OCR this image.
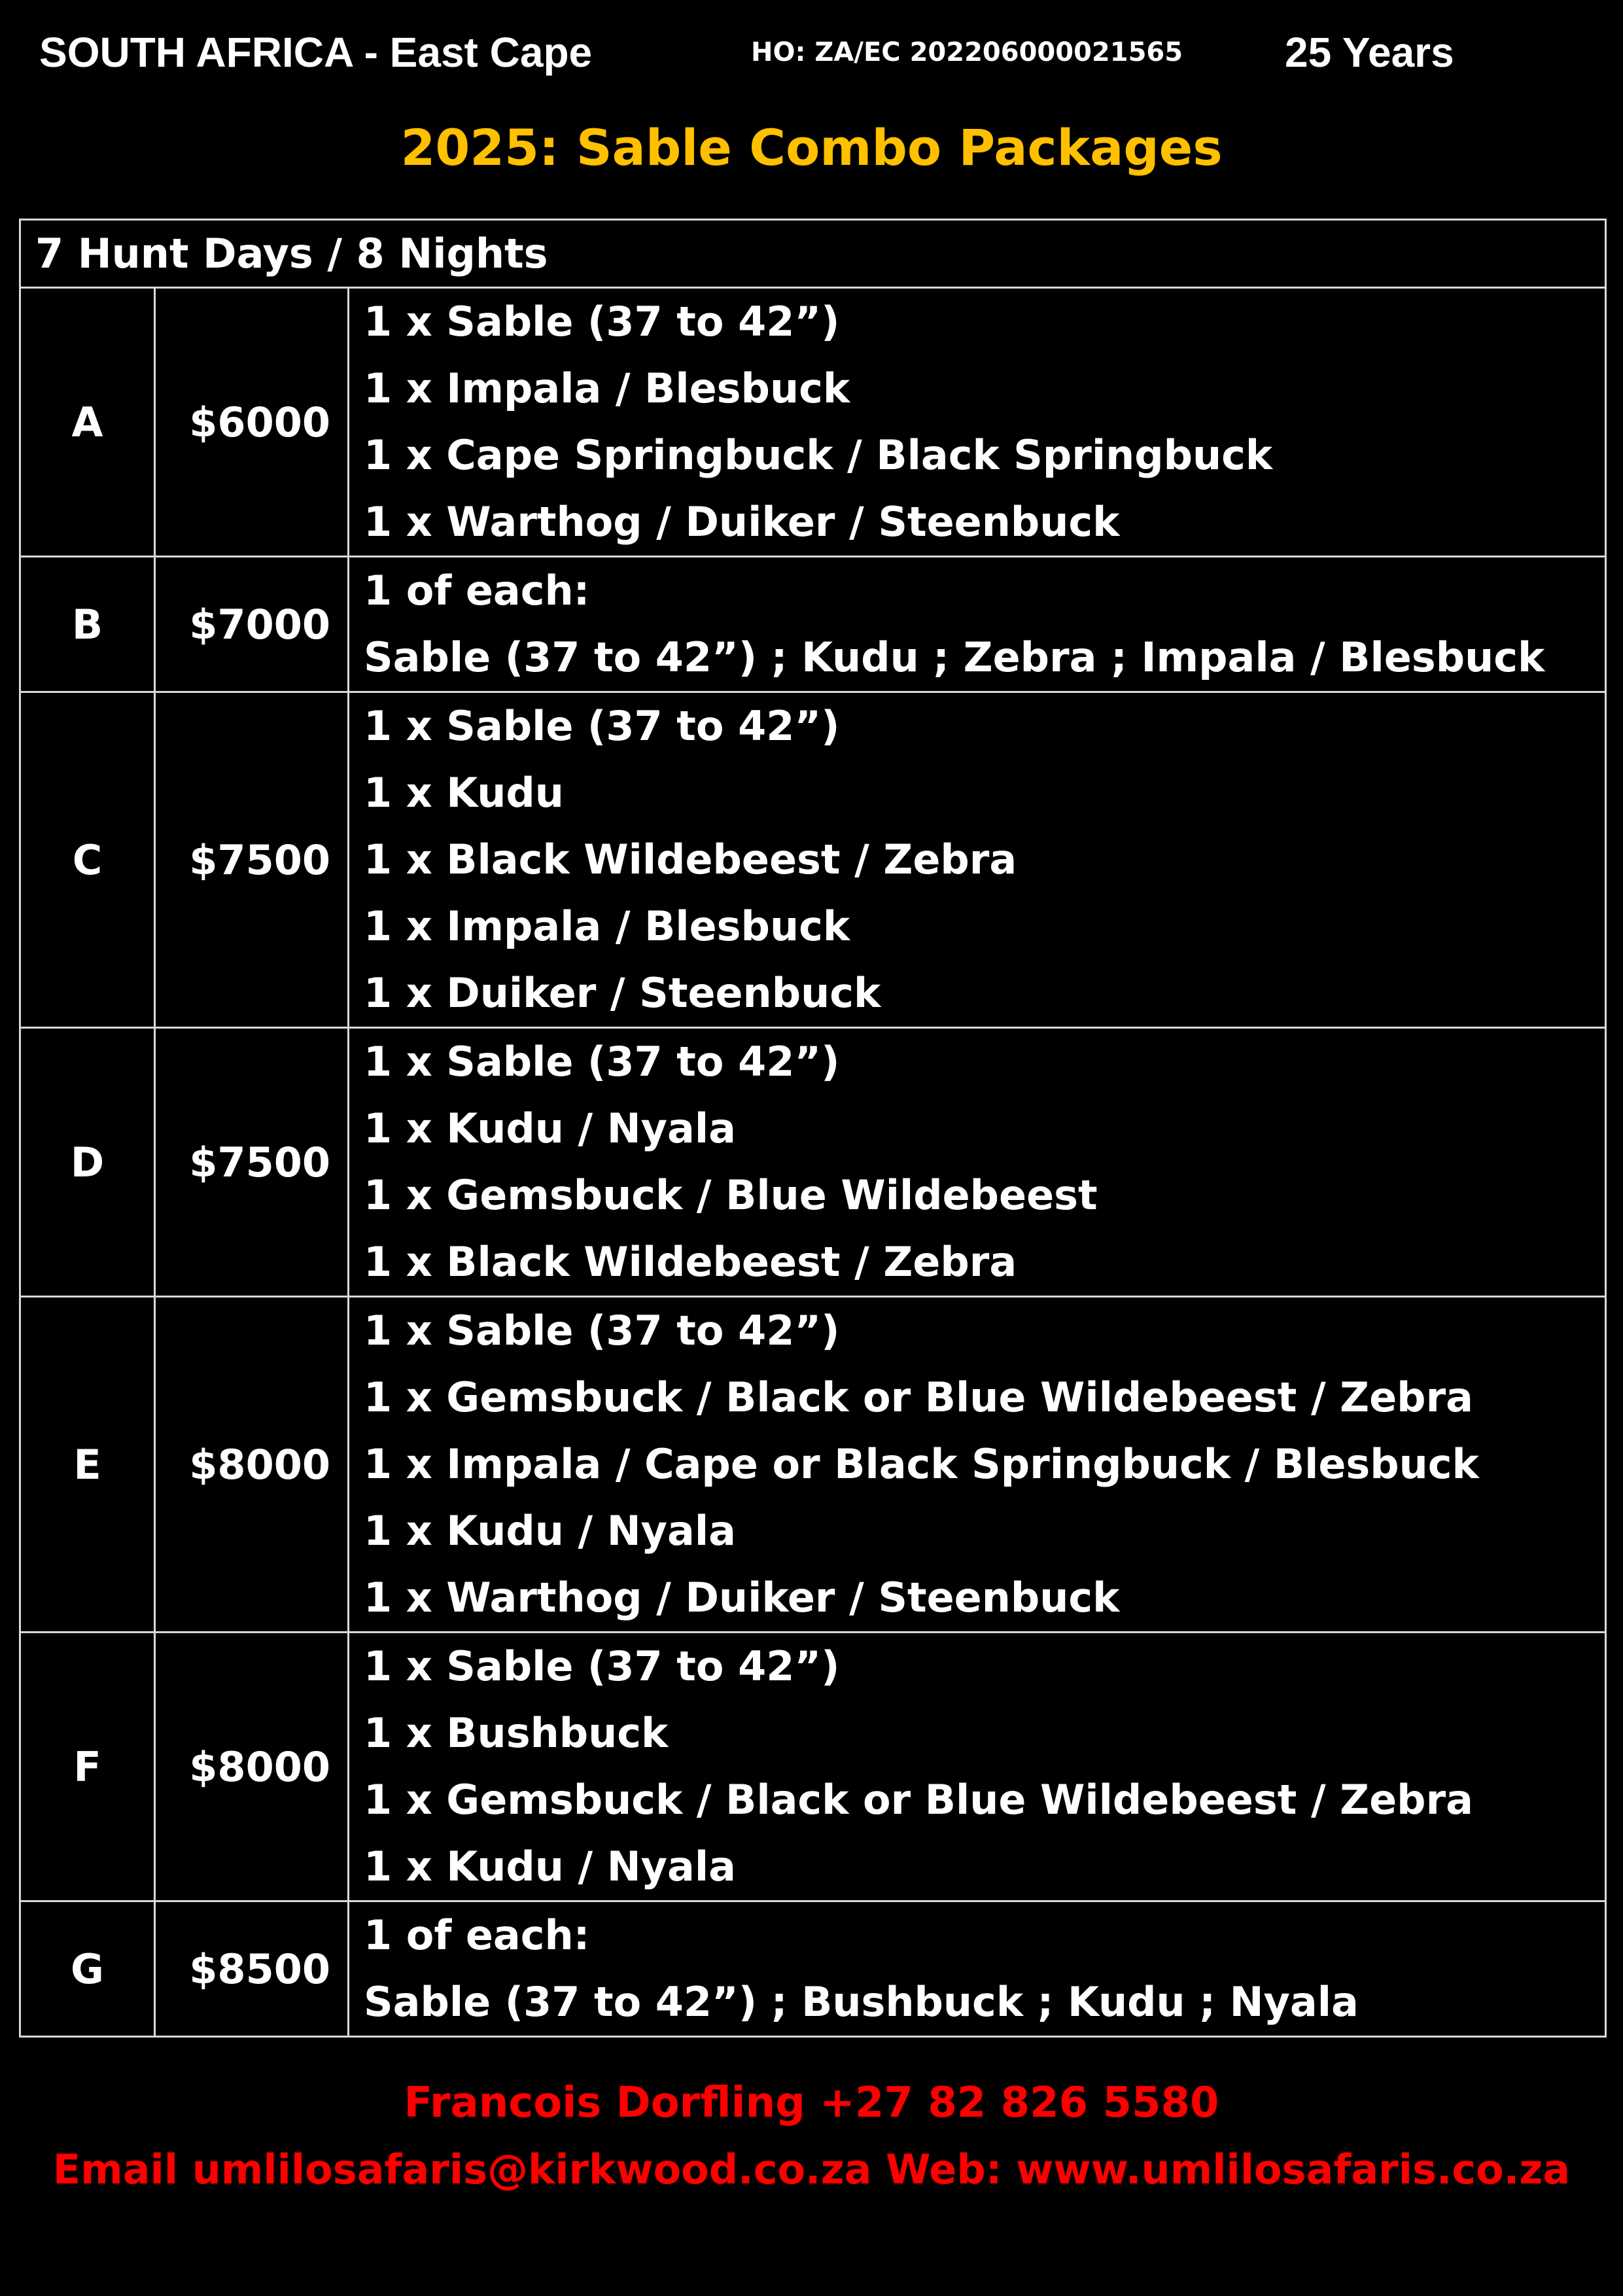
SOUTH AFRICA - East Cape	HO: ZA/EC 202206000021565 25 Years
2025: Sable Combo Packages
7 Hunt Days / 8 Nights		
A	$6000	1 x Sable (37 to 42”)
1 x Impala / Blesbuck
1 x Cape Springbuck / Black Springbuck
1 x Warthog / Duiker / Steenbuck

B	$7000	1 of each:
Sable (37 to 42”) ; Kudu ; Zebra ; Impala / Blesbuck

C	$7500	1 x Sable (37 to 42”)
1 x Kudu
1 x Black Wildebeest / Zebra
1 x Impala / Blesbuck
1 x Duiker / Steenbuck

D	$7500	1 x Sable (37 to 42”)
1 x Kudu / Nyala
1 x Gemsbuck / Blue Wildebeest
1 x Black Wildebeest / Zebra

E	$8000	1 x Sable (37 to 42”)
1 x Gemsbuck / Black or Blue Wildebeest / Zebra
1 x Impala / Cape or Black Springbuck / Blesbuck
1 x Kudu / Nyala
1 x Warthog / Duiker / Steenbuck

F	$8000	1 x Sable (37 to 42”)
1 x Bushbuck
1 x Gemsbuck / Black or Blue Wildebeest / Zebra
1 x Kudu / Nyala

G	$8500	1 of each:
Sable (37 to 42”) ; Bushbuck ; Kudu ; Nyala
Francois Dorfling +27 82 826 5580
Email umlilosafaris@kirkwood.co.za Web: www.umlilosafaris.co.za
